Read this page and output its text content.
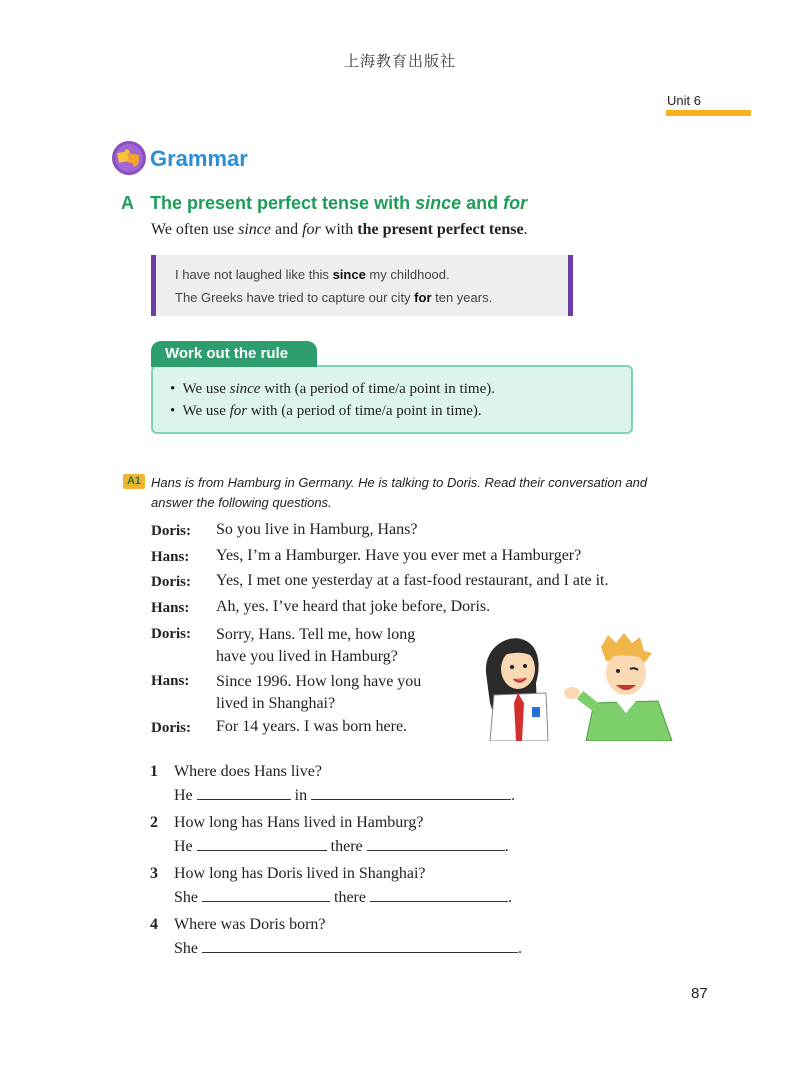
上海教育出版社
Unit 6
Grammar
A The present perfect tense with since and for
We often use since and for with the present perfect tense.
I have not laughed like this since my childhood.
The Greeks have tried to capture our city for ten years.
Work out the rule
• We use since with (a period of time/a point in time).
• We use for with (a period of time/a point in time).
A1 Hans is from Hamburg in Germany. He is talking to Doris. Read their conversation and answer the following questions.
Doris: So you live in Hamburg, Hans?
Hans: Yes, I’m a Hamburger. Have you ever met a Hamburger?
Doris: Yes, I met one yesterday at a fast-food restaurant, and I ate it.
Hans: Ah, yes. I’ve heard that joke before, Doris.
Doris: Sorry, Hans. Tell me, how long
have you lived in Hamburg?
Hans: Since 1996. How long have you
lived in Shanghai?
Doris: For 14 years. I was born here.
1 Where does Hans live?
He	in	.
2 How long has Hans lived in Hamburg?
He	there	.
3 How long has Doris lived in Shanghai?
She	there	.
4 Where was Doris born?
She	.
87
